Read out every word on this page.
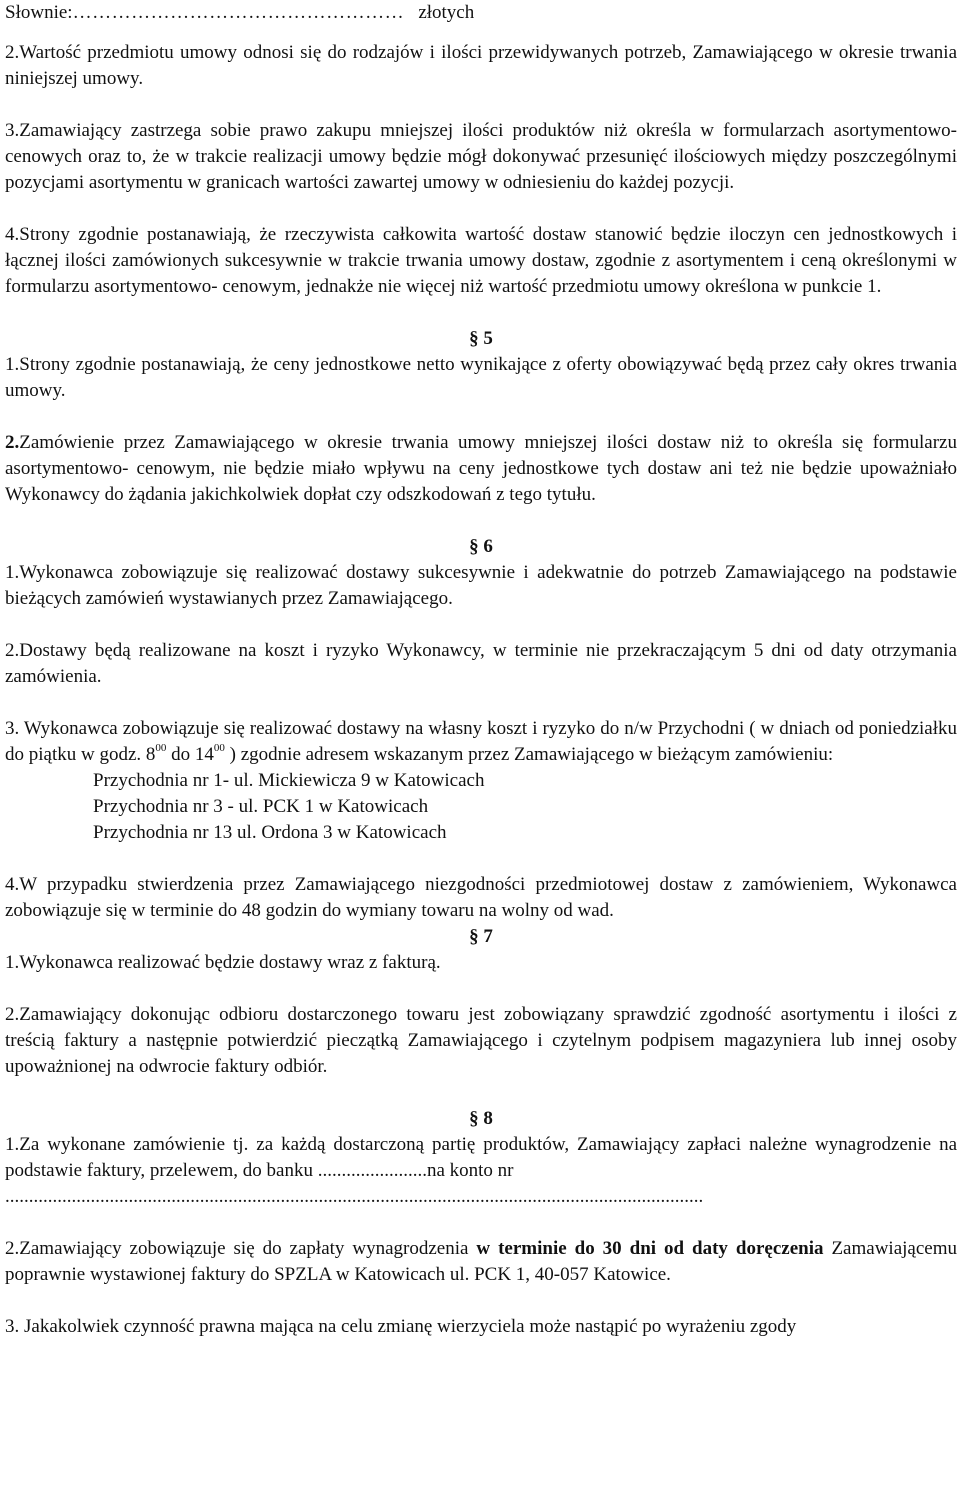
Słownie:…………………………………………… złotych

2.Wartość przedmiotu umowy odnosi się do rodzajów i ilości przewidywanych potrzeb, Zamawiającego w okresie trwania niniejszej umowy.

3.Zamawiający zastrzega sobie prawo zakupu mniejszej ilości produktów niż określa w formularzach asortymentowo- cenowych oraz to, że w trakcie realizacji umowy będzie mógł dokonywać przesunięć ilościowych między poszczególnymi pozycjami asortymentu w granicach wartości zawartej umowy w odniesieniu do każdej pozycji.

4.Strony zgodnie postanawiają, że rzeczywista całkowita wartość dostaw stanowić będzie iloczyn cen jednostkowych i łącznej ilości zamówionych sukcesywnie w trakcie trwania umowy dostaw, zgodnie z asortymentem i ceną określonymi w formularzu asortymentowo- cenowym, jednakże nie więcej niż wartość przedmiotu umowy określona w punkcie 1.

§ 5

1.Strony zgodnie postanawiają, że ceny jednostkowe netto wynikające z oferty obowiązywać będą przez cały okres trwania umowy.

2.Zamówienie przez Zamawiającego w okresie trwania umowy mniejszej ilości dostaw niż to określa się formularzu asortymentowo- cenowym, nie będzie miało wpływu na ceny jednostkowe tych dostaw ani też nie będzie upoważniało Wykonawcy do żądania jakichkolwiek dopłat czy odszkodowań z tego tytułu.

§ 6

1.Wykonawca zobowiązuje się realizować dostawy sukcesywnie i adekwatnie do potrzeb Zamawiającego na podstawie bieżących zamówień wystawianych przez Zamawiającego.

2.Dostawy będą realizowane na koszt i ryzyko Wykonawcy, w terminie nie przekraczającym 5 dni od daty otrzymania zamówienia.

3. Wykonawca zobowiązuje się realizować dostawy na własny koszt i ryzyko do n/w Przychodni ( w dniach od poniedziałku do piątku w godz. $8^{00}$ do $14^{00}$ ) zgodnie adresem wskazanym przez Zamawiającego w bieżącym zamówieniu:

Przychodnia nr 1- ul. Mickiewicza 9 w Katowicach

Przychodnia nr 3 - ul. PCK 1 w Katowicach

Przychodnia nr 13 ul. Ordona 3 w Katowicach

4.W przypadku stwierdzenia przez Zamawiającego niezgodności przedmiotowej dostaw z zamówieniem, Wykonawca zobowiązuje się w terminie do 48 godzin do wymiany towaru na wolny od wad.

§ 7

1.Wykonawca realizować będzie dostawy wraz z fakturą.

2.Zamawiający dokonując odbioru dostarczonego towaru jest zobowiązany sprawdzić zgodność asortymentu i ilości z treścią faktury a następnie potwierdzić pieczątką Zamawiającego i czytelnym podpisem magazyniera lub innej osoby upoważnionej na odwrocie faktury odbiór.

§ 8

1.Za wykonane zamówienie tj. za każdą dostarczoną partię produktów, Zamawiający zapłaci należne wynagrodzenie na podstawie faktury, przelewem, do banku .......................na konto nr

...................................................................................................................................................

2.Zamawiający zobowiązuje się do zapłaty wynagrodzenia w terminie do 30 dni od daty doręczenia Zamawiającemu poprawnie wystawionej faktury do SPZLA w Katowicach ul. PCK 1, 40-057 Katowice.

3. Jakakolwiek czynność prawna mająca na celu zmianę wierzyciela może nastąpić po wyrażeniu zgody
